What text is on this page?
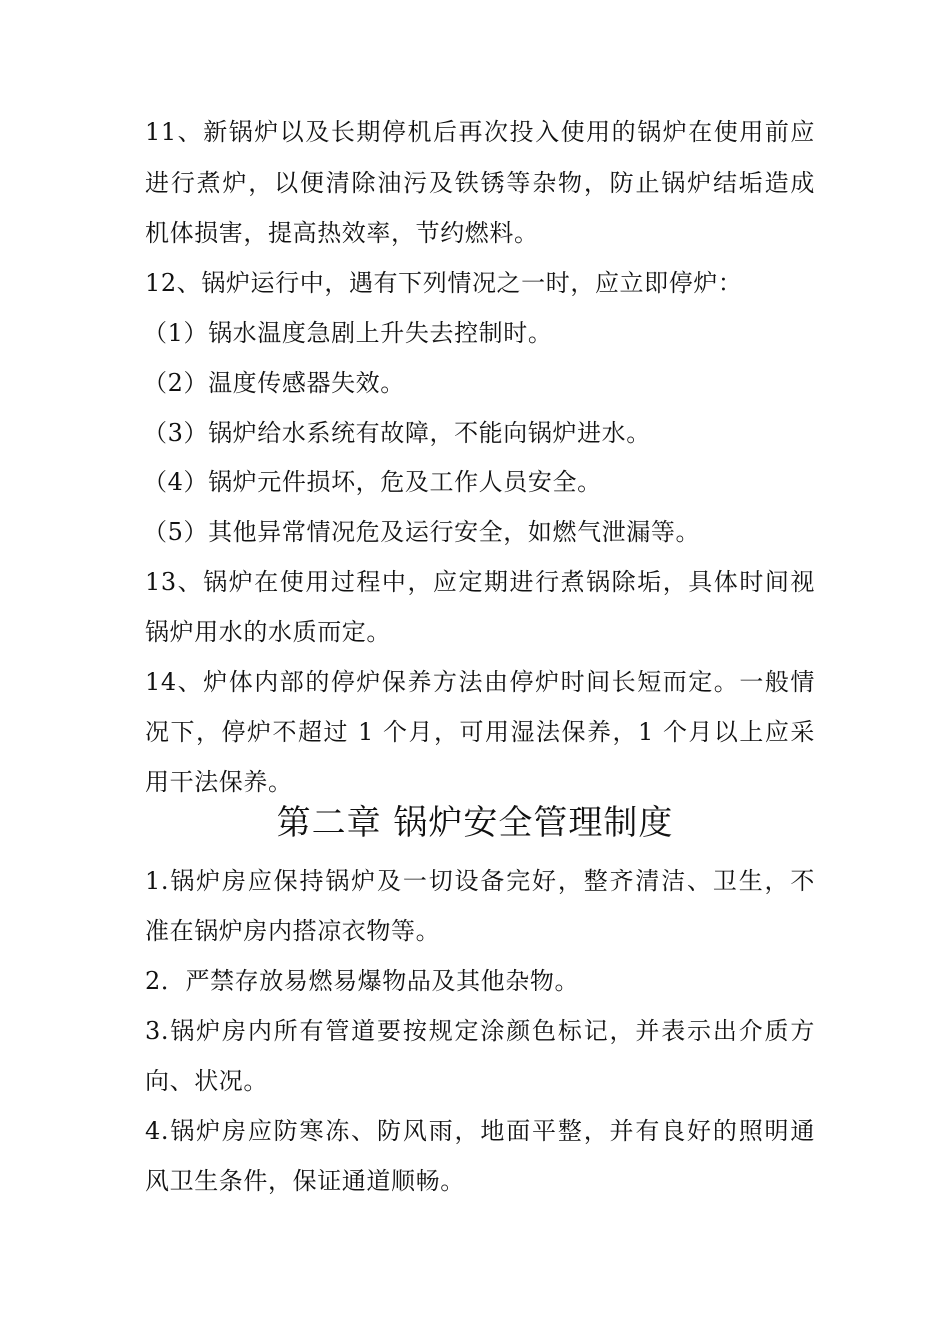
11、新锅炉以及长期停机后再次投入使用的锅炉在使用前应
进行煮炉，以便清除油污及铁锈等杂物，防止锅炉结垢造成
机体损害，提高热效率，节约燃料。
12、锅炉运行中，遇有下列情况之一时，应立即停炉：
（1）锅水温度急剧上升失去控制时。
（2）温度传感器失效。
（3）锅炉给水系统有故障，不能向锅炉进水。
（4）锅炉元件损坏，危及工作人员安全。
（5）其他异常情况危及运行安全，如燃气泄漏等。
13、锅炉在使用过程中，应定期进行煮锅除垢，具体时间视
锅炉用水的水质而定。
14、炉体内部的停炉保养方法由停炉时间长短而定。一般情
况下，停炉不超过 1 个月，可用湿法保养，1 个月以上应采
用干法保养。
第二章 锅炉安全管理制度
1.锅炉房应保持锅炉及一切设备完好，整齐清洁、卫生，不
准在锅炉房内搭凉衣物等。
2．严禁存放易燃易爆物品及其他杂物。
3.锅炉房内所有管道要按规定涂颜色标记，并表示出介质方
向、状况。
4.锅炉房应防寒冻、防风雨，地面平整，并有良好的照明通
风卫生条件，保证通道顺畅。
